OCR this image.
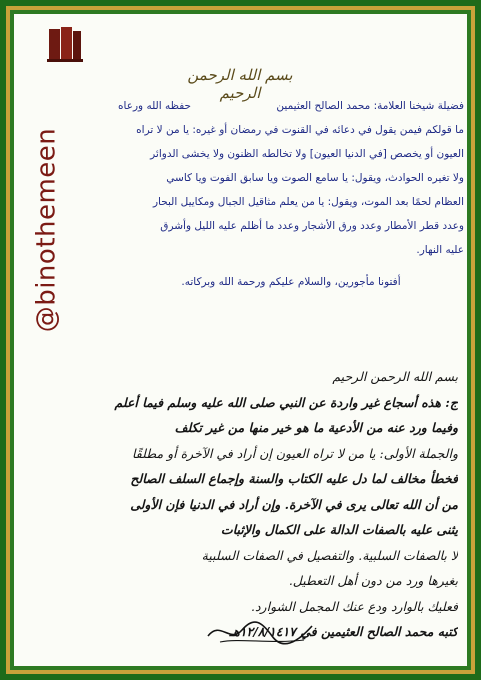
@binothemeen
بسم الله الرحمن الرحيم
فضيلة شيخنا العلامة: محمد الصالح العثيمين
حفظه الله ورعاه
ما قولكم فيمن يقول في دعائه في القنوت في رمضان أو غيره: يا من لا تراه
العيون أو يخصص [في الدنيا العيون] ولا تخالطه الظنون ولا يخشى الدوائر
ولا تغيره الحوادث، ويقول: يا سامع الصوت ويا سابق الفوت ويا كاسي
العظام لحمًا بعد الموت، ويقول: يا من يعلم مثاقيل الجبال ومكاييل البحار
وعدد قطر الأمطار وعدد ورق الأشجار وعدد ما أظلم عليه الليل وأشرق
عليه النهار.
أفتونا مأجورين، والسلام عليكم ورحمة الله وبركاته.
بسم الله الرحمن الرحيم
ج: هذه أسجاع غير واردة عن النبي صلى الله عليه وسلم فيما أعلم
وفيما ورد عنه من الأدعية ما هو خير منها من غير تكلف
والجملة الأولى: يا من لا تراه العيون إن أراد في الآخرة أو مطلقًا
فخطأ مخالف لما دل عليه الكتاب والسنة وإجماع السلف الصالح
من أن الله تعالى يرى في الآخرة. وإن أراد في الدنيا فإن الأولى
يثنى عليه بالصفات الدالة على الكمال والإثبات
لا بالصفات السلبية. والتفصيل في الصفات السلبية
بغيرها ورد من دون أهل التعطيل.
فعليك بالوارد ودع عنك المجمل الشوارد.
كتبه محمد الصالح العثيمين في ١٢/٨/١٤١٧هـ
